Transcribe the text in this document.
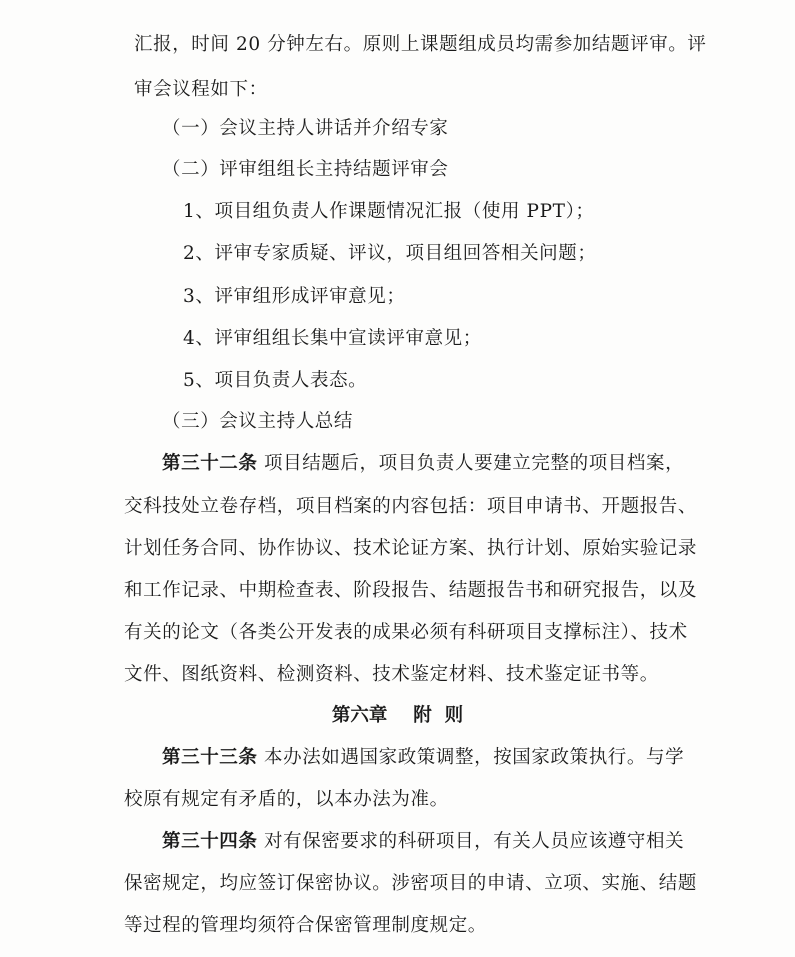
汇报，时间 20 分钟左右。原则上课题组成员均需参加结题评审。评
审会议程如下：
（一）会议主持人讲话并介绍专家
（二）评审组组长主持结题评审会
1、项目组负责人作课题情况汇报（使用 PPT）；
2、评审专家质疑、评议，项目组回答相关问题；
3、评审组形成评审意见；
4、评审组组长集中宣读评审意见；
5、项目负责人表态。
（三）会议主持人总结
第三十二条 项目结题后，项目负责人要建立完整的项目档案，
交科技处立卷存档，项目档案的内容包括：项目申请书、开题报告、
计划任务合同、协作协议、技术论证方案、执行计划、原始实验记录
和工作记录、中期检查表、阶段报告、结题报告书和研究报告，以及
有关的论文（各类公开发表的成果必须有科研项目支撑标注）、技术
文件、图纸资料、检测资料、技术鉴定材料、技术鉴定证书等。
第六章 附  则
第三十三条 本办法如遇国家政策调整，按国家政策执行。与学
校原有规定有矛盾的，以本办法为准。
第三十四条 对有保密要求的科研项目，有关人员应该遵守相关
保密规定，均应签订保密协议。涉密项目的申请、立项、实施、结题
等过程的管理均须符合保密管理制度规定。
